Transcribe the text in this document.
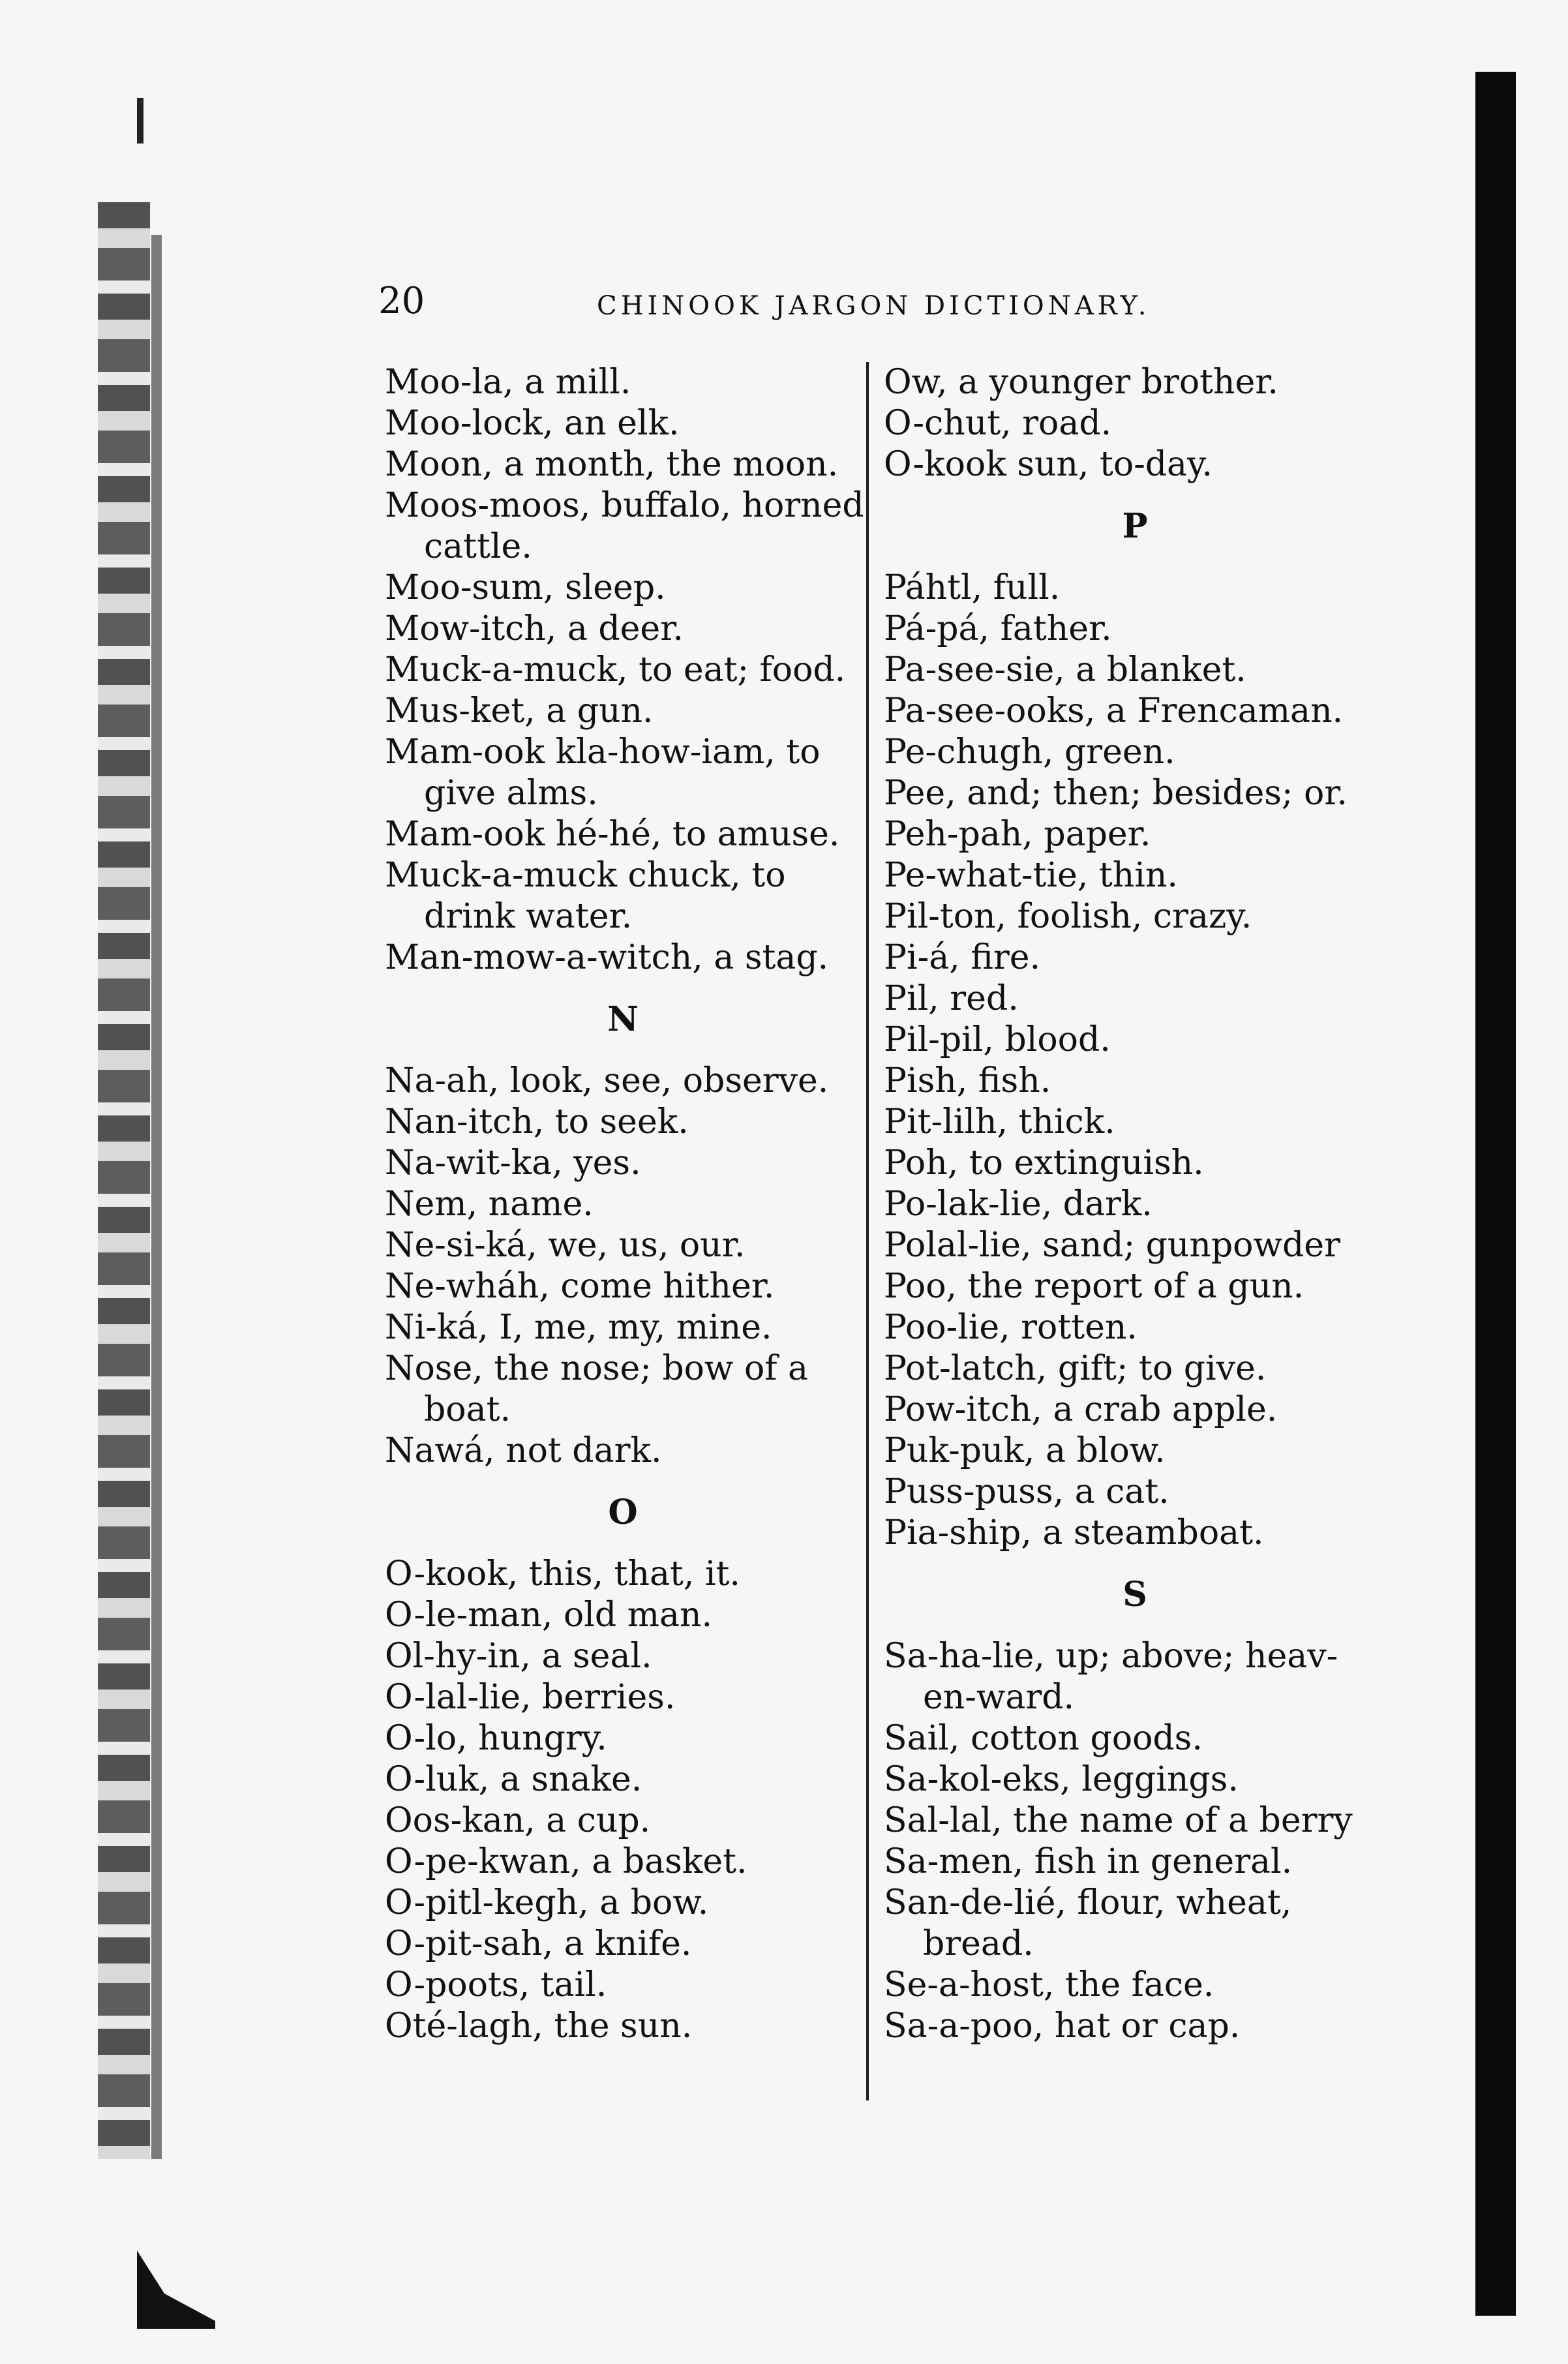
20	CHINOOK JARGON DICTIONARY.
Moo-la, a mill.
Moo-lock, an elk.
Moon, a month, the moon.
Moos-moos, buffalo, horned
cattle.
Moo-sum, sleep.
Mow-itch, a deer.
Muck-a-muck, to eat; food.
Mus-ket, a gun.
Mam-ook kla-how-iam, to
give alms.
Mam-ook hé-hé, to amuse.
Muck-a-muck chuck, to
drink water.
Man-mow-a-witch, a stag.
N
Na-ah, look, see, observe.
Nan-itch, to seek.
Na-wit-ka, yes.
Nem, name.
Ne-si-ká, we, us, our.
Ne-wháh, come hither.
Ni-ká, I, me, my, mine.
Nose, the nose; bow of a
boat.
Nawá, not dark.
O
O-kook, this, that, it.
O-le-man, old man.
Ol-hy-in, a seal.
O-lal-lie, berries.
O-lo, hungry.
O-luk, a snake.
Oos-kan, a cup.
O-pe-kwan, a basket.
O-pitl-kegh, a bow.
O-pit-sah, a knife.
O-poots, tail.
Oté-lagh, the sun.
Ow, a younger brother.
O-chut, road.
O-kook sun, to-day.
P
Páhtl, full.
Pá-pá, father.
Pa-see-sie, a blanket.
Pa-see-ooks, a Frencaman.
Pe-chugh, green.
Pee, and; then; besides; or.
Peh-pah, paper.
Pe-what-tie, thin.
Pil-ton, foolish, crazy.
Pi-á, fire.
Pil, red.
Pil-pil, blood.
Pish, fish.
Pit-lilh, thick.
Poh, to extinguish.
Po-lak-lie, dark.
Polal-lie, sand; gunpowder
Poo, the report of a gun.
Poo-lie, rotten.
Pot-latch, gift; to give.
Pow-itch, a crab apple.
Puk-puk, a blow.
Puss-puss, a cat.
Pia-ship, a steamboat.
S
Sa-ha-lie, up; above; heav-
en-ward.
Sail, cotton goods.
Sa-kol-eks, leggings.
Sal-lal, the name of a berry
Sa-men, fish in general.
San-de-lié, flour, wheat,
bread.
Se-a-host, the face.
Sa-a-poo, hat or cap.
